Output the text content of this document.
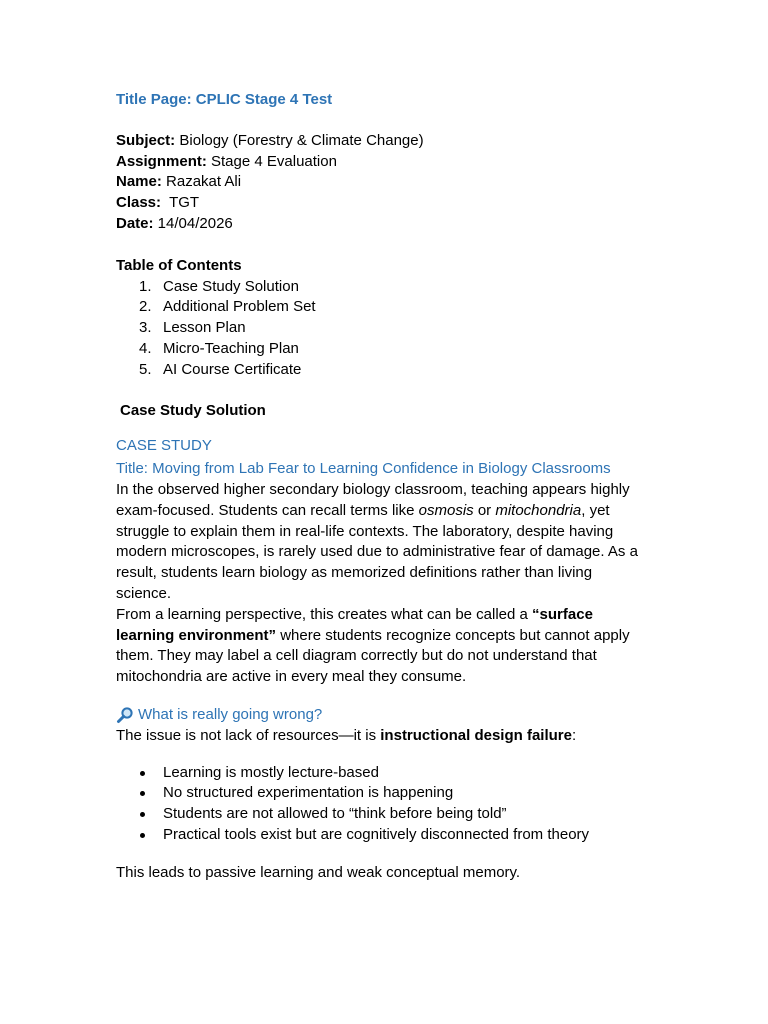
Title Page: CPLIC Stage 4 Test

Subject: Biology (Forestry & Climate Change)

Assignment: Stage 4 Evaluation

Name: Razakat Ali

Class:  TGT

Date: 14/04/2026

Table of Contents
1. Case Study Solution
2. Additional Problem Set
3. Lesson Plan
4. Micro-Teaching Plan
5. AI Course Certificate
Case Study Solution
CASE STUDY
Title: Moving from Lab Fear to Learning Confidence in Biology Classrooms

In the observed higher secondary biology classroom, teaching appears highly exam-focused. Students can recall terms like osmosis or mitochondria, yet struggle to explain them in real-life contexts. The laboratory, despite having modern microscopes, is rarely used due to administrative fear of damage. As a result, students learn biology as memorized definitions rather than living science.

From a learning perspective, this creates what can be called a “surface learning environment” where students recognize concepts but cannot apply them. They may label a cell diagram correctly but do not understand that mitochondria are active in every meal they consume.

What is really going wrong?

The issue is not lack of resources—it is instructional design failure:

Learning is mostly lecture-based
No structured experimentation is happening
Students are not allowed to “think before being told”
Practical tools exist but are cognitively disconnected from theory

This leads to passive learning and weak conceptual memory.
